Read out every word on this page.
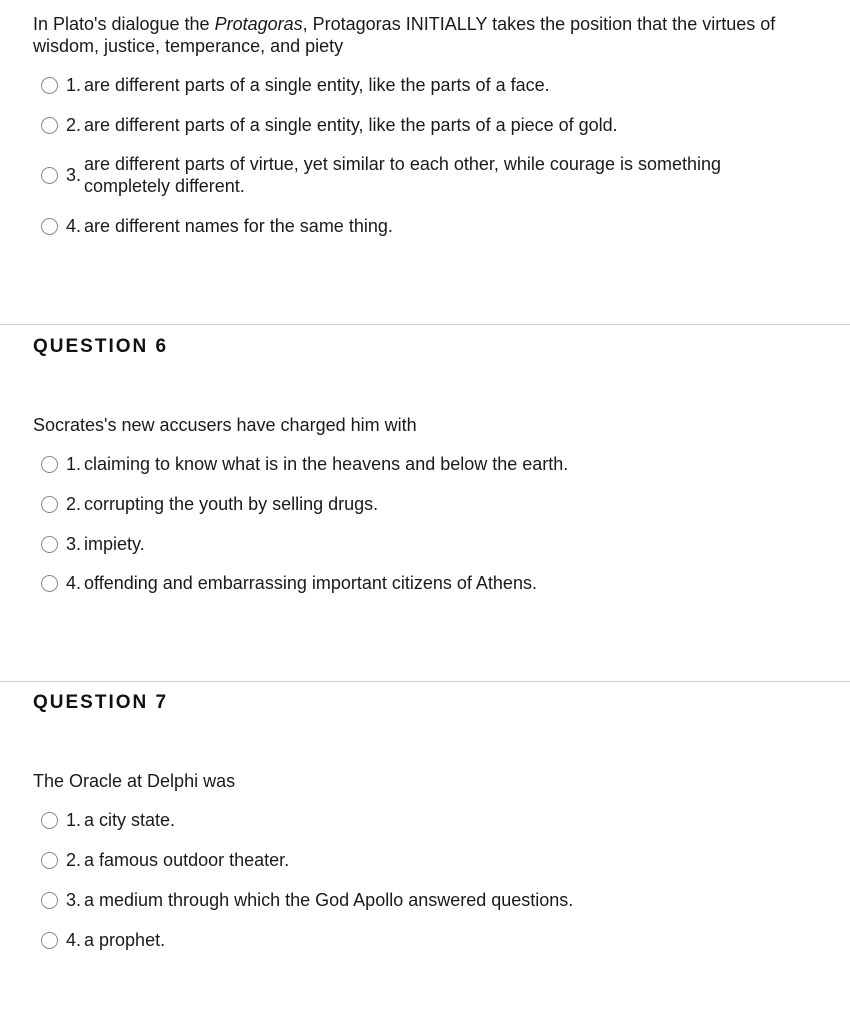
In Plato's dialogue the Protagoras, Protagoras INITIALLY takes the position that the virtues of wisdom, justice, temperance, and piety
1. are different parts of a single entity, like the parts of a face.
2. are different parts of a single entity, like the parts of a piece of gold.
3.
are different parts of virtue, yet similar to each other, while courage is something completely different.
4. are different names for the same thing.
QUESTION 6
Socrates's new accusers have charged him with
1. claiming to know what is in the heavens and below the earth.
2. corrupting the youth by selling drugs.
3. impiety.
4. offending and embarrassing important citizens of Athens.
QUESTION 7
The Oracle at Delphi was
1. a city state.
2. a famous outdoor theater.
3. a medium through which the God Apollo answered questions.
4. a prophet.
